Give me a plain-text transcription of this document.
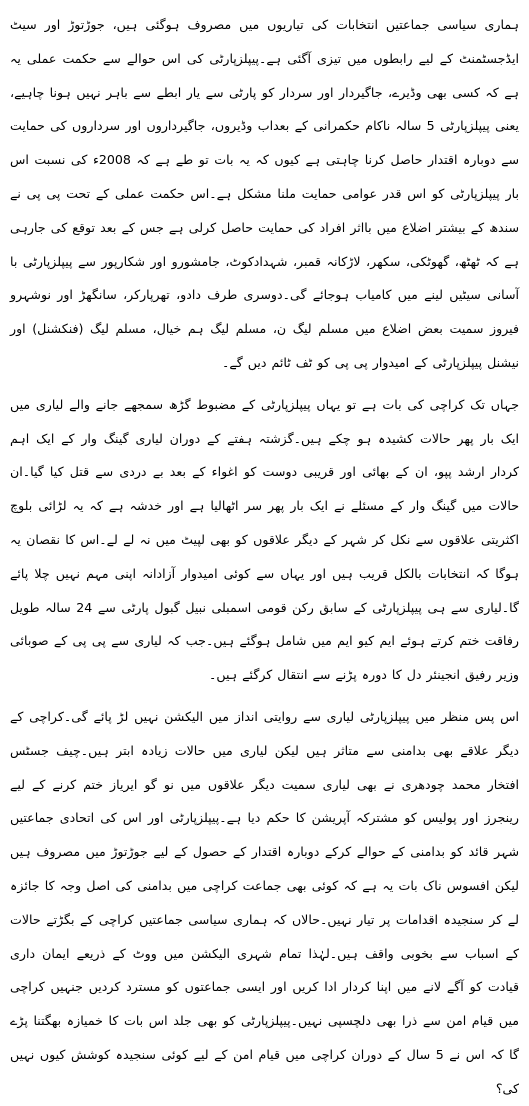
ہماری سیاسی جماعتیں انتخابات کی تیاریوں میں مصروف ہوگئی ہیں، جوڑتوڑ اور سیٹ ایڈجسٹمنٹ کے لیے رابطوں میں تیزی آگئی ہے۔پیپلزپارٹی کی اس حوالے سے حکمت عملی یہ ہے کہ کسی بھی وڈیرے، جاگیردار اور سردار کو پارٹی سے یار ابطے سے باہر نہیں ہونا چاہیے، یعنی پیپلزپارٹی 5 سالہ ناکام حکمرانی کے بعداب وڈیروں، جاگیرداروں اور سرداروں کی حمایت سے دوبارہ اقتدار حاصل کرنا چاہتی ہے کیوں کہ یہ بات تو طے ہے کہ 2008ء کی نسبت اس بار پیپلزپارٹی کو اس قدر عوامی حمایت ملنا مشکل ہے۔اس حکمت عملی کے تحت پی پی نے سندھ کے بیشتر اضلاع میں بااثر افراد کی حمایت حاصل کرلی ہے جس کے بعد توقع کی جارہی ہے کہ ٹھٹھ، گھوٹکی، سکھر، لاڑکانہ قمبر، شہدادکوٹ، جامشورو اور شکارپور سے پیپلزپارٹی با آسانی سیٹیں لینے میں کامیاب ہوجائے گی۔دوسری طرف دادو، تھرپارکر، سانگھڑ اور نوشہرو فیروز سمیت بعض اضلاع میں مسلم لیگ ن، مسلم لیگ ہم خیال، مسلم لیگ (فنکشنل) اور نیشنل پیپلزپارٹی کے امیدوار پی پی کو ٹف ٹائم دیں گے۔

جہاں تک کراچی کی بات ہے تو یہاں پیپلزپارٹی کے مضبوط گڑھ سمجھے جانے والے لیاری میں ایک بار پھر حالات کشیدہ ہو چکے ہیں۔گزشتہ ہفتے کے دوران لیاری گینگ وار کے ایک اہم کردار ارشد پپو، ان کے بھائی اور قریبی دوست کو اغواء کے بعد بے دردی سے قتل کیا گیا۔ان حالات میں گینگ وار کے مسئلے نے ایک بار پھر سر اٹھالیا ہے اور خدشہ ہے کہ یہ لڑائی بلوچ اکثریتی علاقوں سے نکل کر شہر کے دیگر علاقوں کو بھی لپیٹ میں نہ لے لے۔اس کا نقصان یہ ہوگا کہ انتخابات بالکل قریب ہیں اور یہاں سے کوئی امیدوار آزادانہ اپنی مہم نہیں چلا پائے گا۔لیاری سے ہی پیپلزپارٹی کے سابق رکن قومی اسمبلی نبیل گبول پارٹی سے 24 سالہ طویل رفاقت ختم کرتے ہوئے ایم کیو ایم میں شامل ہوگئے ہیں۔جب کہ لیاری سے پی پی کے صوبائی وزیر رفیق انجینئر دل کا دورہ پڑنے سے انتقال کرگئے ہیں۔

اس پس منظر میں پیپلزپارٹی لیاری سے روایتی انداز میں الیکشن نہیں لڑ پائے گی۔کراچی کے دیگر علاقے بھی بدامنی سے متاثر ہیں لیکن لیاری میں حالات زیادہ ابتر ہیں۔چیف جسٹس افتخار محمد چودھری نے بھی لیاری سمیت دیگر علاقوں میں نو گو ایریاز ختم کرنے کے لیے رینجرز اور پولیس کو مشترکہ آپریشن کا حکم دیا ہے۔پیپلزپارٹی اور اس کی اتحادی جماعتیں شہر قائد کو بدامنی کے حوالے کرکے دوبارہ اقتدار کے حصول کے لیے جوڑتوڑ میں مصروف ہیں لیکن افسوس ناک بات یہ ہے کہ کوئی بھی جماعت کراچی میں بدامنی کی اصل وجہ کا جائزہ لے کر سنجیدہ اقدامات پر تیار نہیں۔حالاں کہ ہماری سیاسی جماعتیں کراچی کے بگڑتے حالات کے اسباب سے بخوبی واقف ہیں۔لہٰذا تمام شہری الیکشن میں ووٹ کے ذریعے ایمان داری قیادت کو آگے لانے میں اپنا کردار ادا کریں اور ایسی جماعتوں کو مسترد کردیں جنہیں کراچی میں قیام امن سے ذرا بھی دلچسپی نہیں۔پیپلزپارٹی کو بھی جلد اس بات کا خمیازہ بھگتنا پڑے گا کہ اس نے 5 سال کے دوران کراچی میں قیام امن کے لیے کوئی سنجیدہ کوشش کیوں نہیں کی؟
